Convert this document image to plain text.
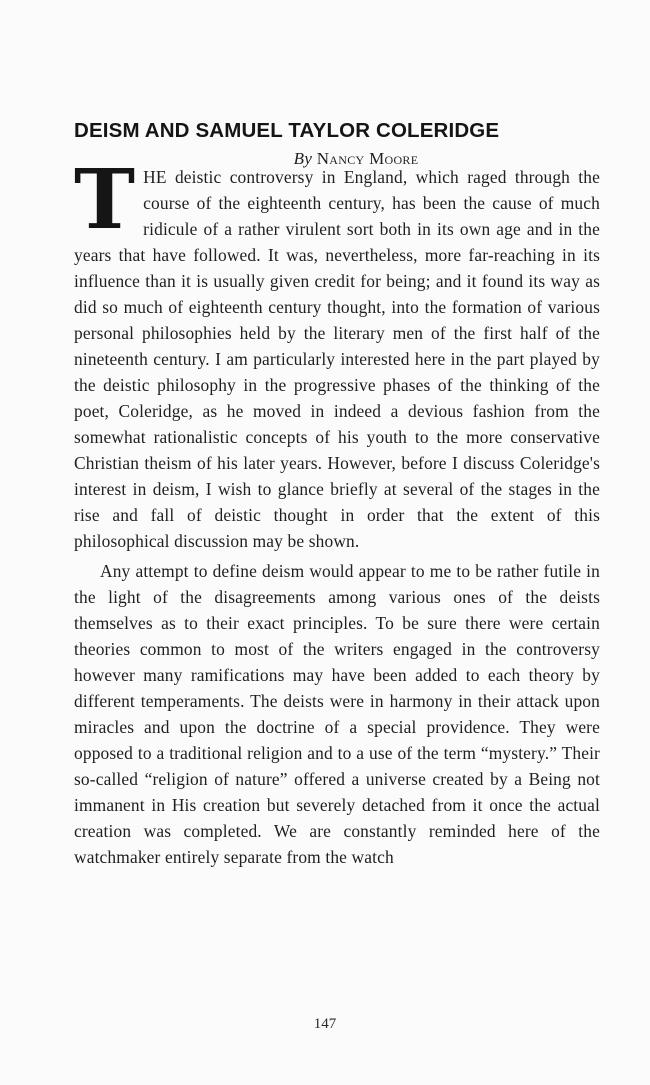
DEISM AND SAMUEL TAYLOR COLERIDGE
By Nancy Moore

THE deistic controversy in England, which raged through the course of the eighteenth century, has been the cause of much ridicule of a rather virulent sort both in its own age and in the years that have followed. It was, nevertheless, more far-reaching in its influence than it is usually given credit for being; and it found its way as did so much of eighteenth century thought, into the formation of various personal philosophies held by the literary men of the first half of the nineteenth century. I am particularly interested here in the part played by the deistic philosophy in the progressive phases of the thinking of the poet, Coleridge, as he moved in indeed a devious fashion from the somewhat rationalistic concepts of his youth to the more conservative Christian theism of his later years. However, before I discuss Coleridge's interest in deism, I wish to glance briefly at several of the stages in the rise and fall of deistic thought in order that the extent of this philosophical discussion may be shown.

Any attempt to define deism would appear to me to be rather futile in the light of the disagreements among various ones of the deists themselves as to their exact principles. To be sure there were certain theories common to most of the writers engaged in the controversy however many ramifications may have been added to each theory by different temperaments. The deists were in harmony in their attack upon miracles and upon the doctrine of a special providence. They were opposed to a traditional religion and to a use of the term “mystery.” Their so-called “religion of nature” offered a universe created by a Being not immanent in His creation but severely detached from it once the actual creation was completed. We are constantly reminded here of the watchmaker entirely separate from the watch

147
